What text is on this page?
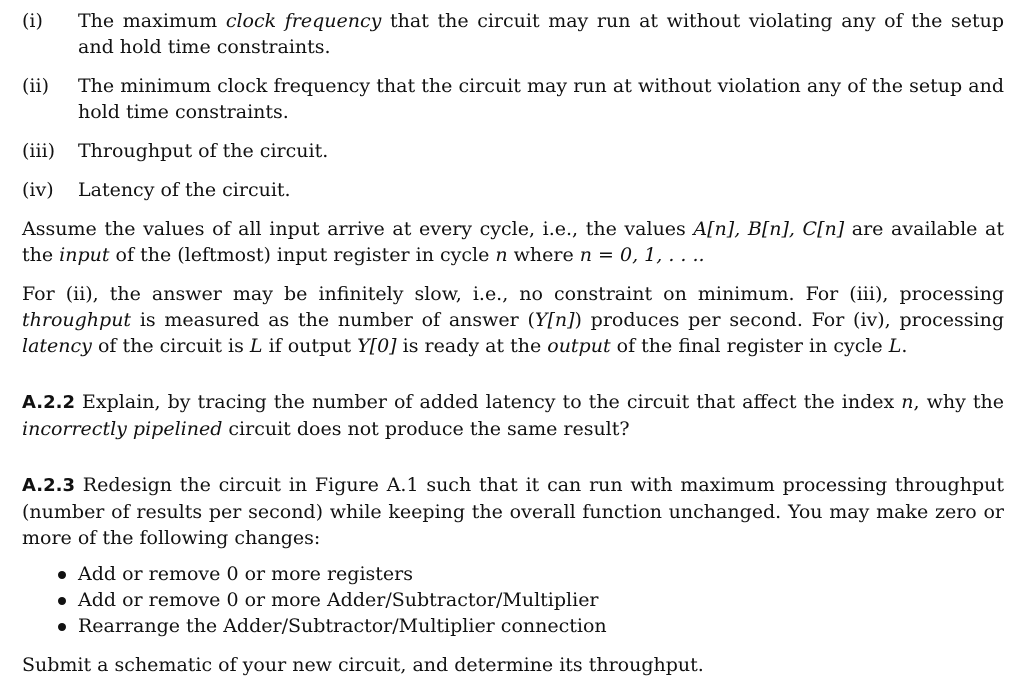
(i)	The maximum clock frequency that the circuit may run at without violating any of the setup and hold time constraints.
(ii)	The minimum clock frequency that the circuit may run at without violation any of the setup and hold time constraints.
(iii)	Throughput of the circuit.
(iv)	Latency of the circuit.
Assume the values of all input arrive at every cycle, i.e., the values A[n], B[n], C[n] are available at the input of the (leftmost) input register in cycle n where n = 0, 1, . . ..
For (ii), the answer may be infinitely slow, i.e., no constraint on minimum. For (iii), processing throughput is measured as the number of answer (Y[n]) produces per second. For (iv), processing latency of the circuit is L if output Y[0] is ready at the output of the final register in cycle L.
A.2.2 Explain, by tracing the number of added latency to the circuit that affect the index n, why the incorrectly pipelined circuit does not produce the same result?
A.2.3 Redesign the circuit in Figure A.1 such that it can run with maximum processing throughput (number of results per second) while keeping the overall function unchanged. You may make zero or more of the following changes:
Add or remove 0 or more registers
Add or remove 0 or more Adder/Subtractor/Multiplier
Rearrange the Adder/Subtractor/Multiplier connection
Submit a schematic of your new circuit, and determine its throughput.
